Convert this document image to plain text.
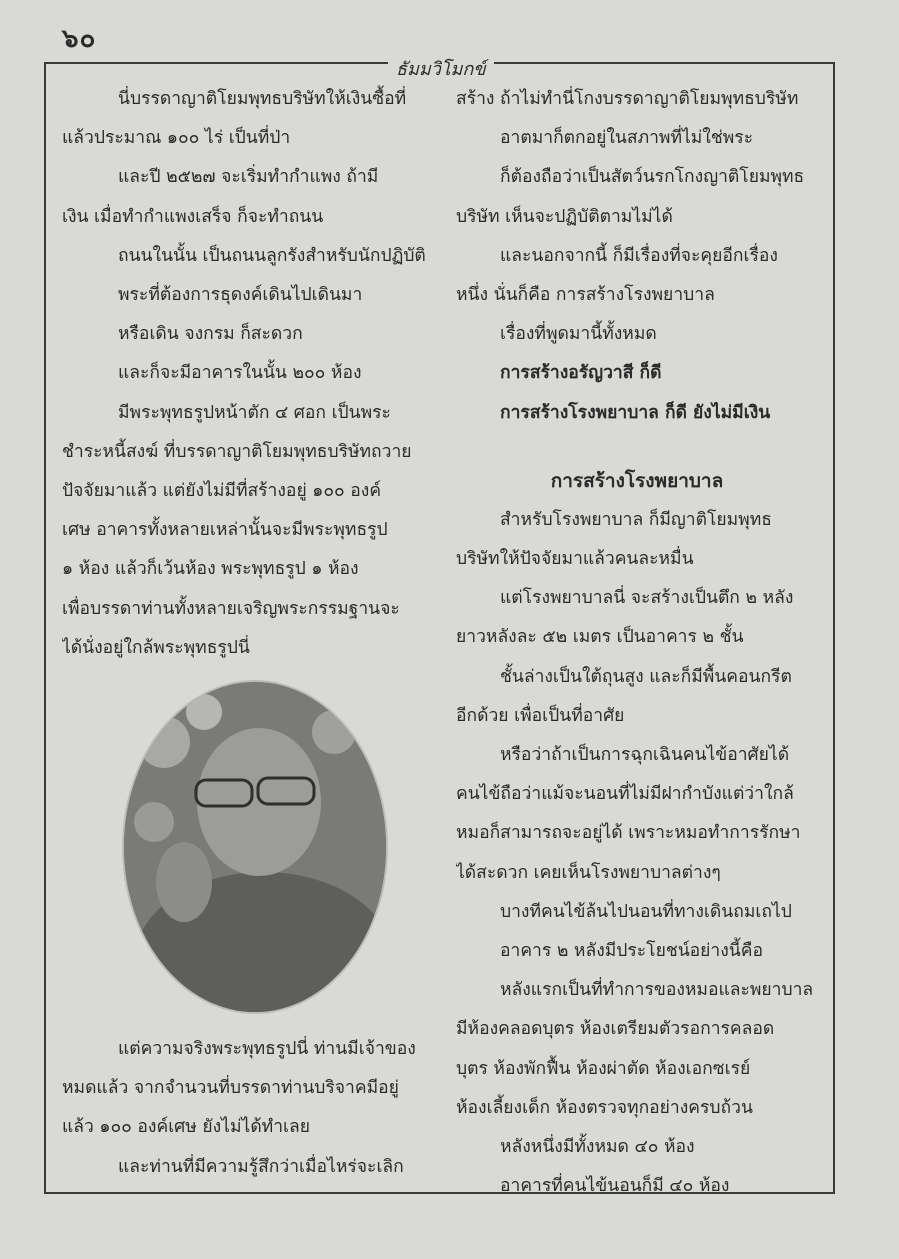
๖๐
ธัมมวิโมกข์
นี่บรรดาญาติโยมพุทธบริษัทให้เงินซื้อที่
แล้วประมาณ ๑๐๐ ไร่ เป็นที่ป่า
และปี ๒๕๒๗ จะเริ่มทำกำแพง ถ้ามี
เงิน เมื่อทำกำแพงเสร็จ ก็จะทำถนน
ถนนในนั้น เป็นถนนลูกรังสำหรับนักปฏิบัติ
พระที่ต้องการธุดงค์เดินไปเดินมา
หรือเดิน จงกรม ก็สะดวก
และก็จะมีอาคารในนั้น ๒๐๐ ห้อง
มีพระพุทธรูปหน้าตัก ๔ ศอก เป็นพระ
ชำระหนี้สงฆ์ ที่บรรดาญาติโยมพุทธบริษัทถวาย
ปัจจัยมาแล้ว แต่ยังไม่มีที่สร้างอยู่ ๑๐๐ องค์
เศษ อาคารทั้งหลายเหล่านั้นจะมีพระพุทธรูป
๑ ห้อง แล้วก็เว้นห้อง พระพุทธรูป ๑ ห้อง
เพื่อบรรดาท่านทั้งหลายเจริญพระกรรมฐานจะ
ได้นั่งอยู่ใกล้พระพุทธรูปนี่
แต่ความจริงพระพุทธรูปนี่ ท่านมีเจ้าของ
หมดแล้ว จากจำนวนที่บรรดาท่านบริจาคมีอยู่
แล้ว ๑๐๐ องค์เศษ ยังไม่ได้ทำเลย
และท่านที่มีความรู้สึกว่าเมื่อไหร่จะเลิก
สร้าง ถ้าไม่ทำนี่โกงบรรดาญาติโยมพุทธบริษัท
อาตมาก็ตกอยู่ในสภาพที่ไม่ใช่พระ
ก็ต้องถือว่าเป็นสัตว์นรกโกงญาติโยมพุทธ
บริษัท เห็นจะปฏิบัติตามไม่ได้
และนอกจากนี้ ก็มีเรื่องที่จะคุยอีกเรื่อง
หนึ่ง นั่นก็คือ การสร้างโรงพยาบาล
เรื่องที่พูดมานี้ทั้งหมด
การสร้างอรัญวาสี ก็ดี
การสร้างโรงพยาบาล ก็ดี ยังไม่มีเงิน
การสร้างโรงพยาบาล
สำหรับโรงพยาบาล ก็มีญาติโยมพุทธ
บริษัทให้ปัจจัยมาแล้วคนละหมื่น
แต่โรงพยาบาลนี่ จะสร้างเป็นตึก ๒ หลัง
ยาวหลังละ ๕๒ เมตร เป็นอาคาร ๒ ชั้น
ชั้นล่างเป็นใต้ถุนสูง และก็มีพื้นคอนกรีต
อีกด้วย เพื่อเป็นที่อาศัย
หรือว่าถ้าเป็นการฉุกเฉินคนไข้อาศัยได้
คนไข้ถือว่าแม้จะนอนที่ไม่มีฝากำบังแต่ว่าใกล้
หมอก็สามารถจะอยู่ได้ เพราะหมอทำการรักษา
ได้สะดวก เคยเห็นโรงพยาบาลต่างๆ
บางทีคนไข้ล้นไปนอนที่ทางเดินถมเถไป
อาคาร ๒ หลังมีประโยชน์อย่างนี้คือ
หลังแรกเป็นที่ทำการของหมอและพยาบาล
มีห้องคลอดบุตร ห้องเตรียมตัวรอการคลอด
บุตร ห้องพักฟื้น ห้องผ่าตัด ห้องเอกซเรย์
ห้องเลี้ยงเด็ก ห้องตรวจทุกอย่างครบถ้วน
หลังหนึ่งมีทั้งหมด ๔๐ ห้อง
อาคารที่คนไข้นอนก็มี ๔๐ ห้อง
